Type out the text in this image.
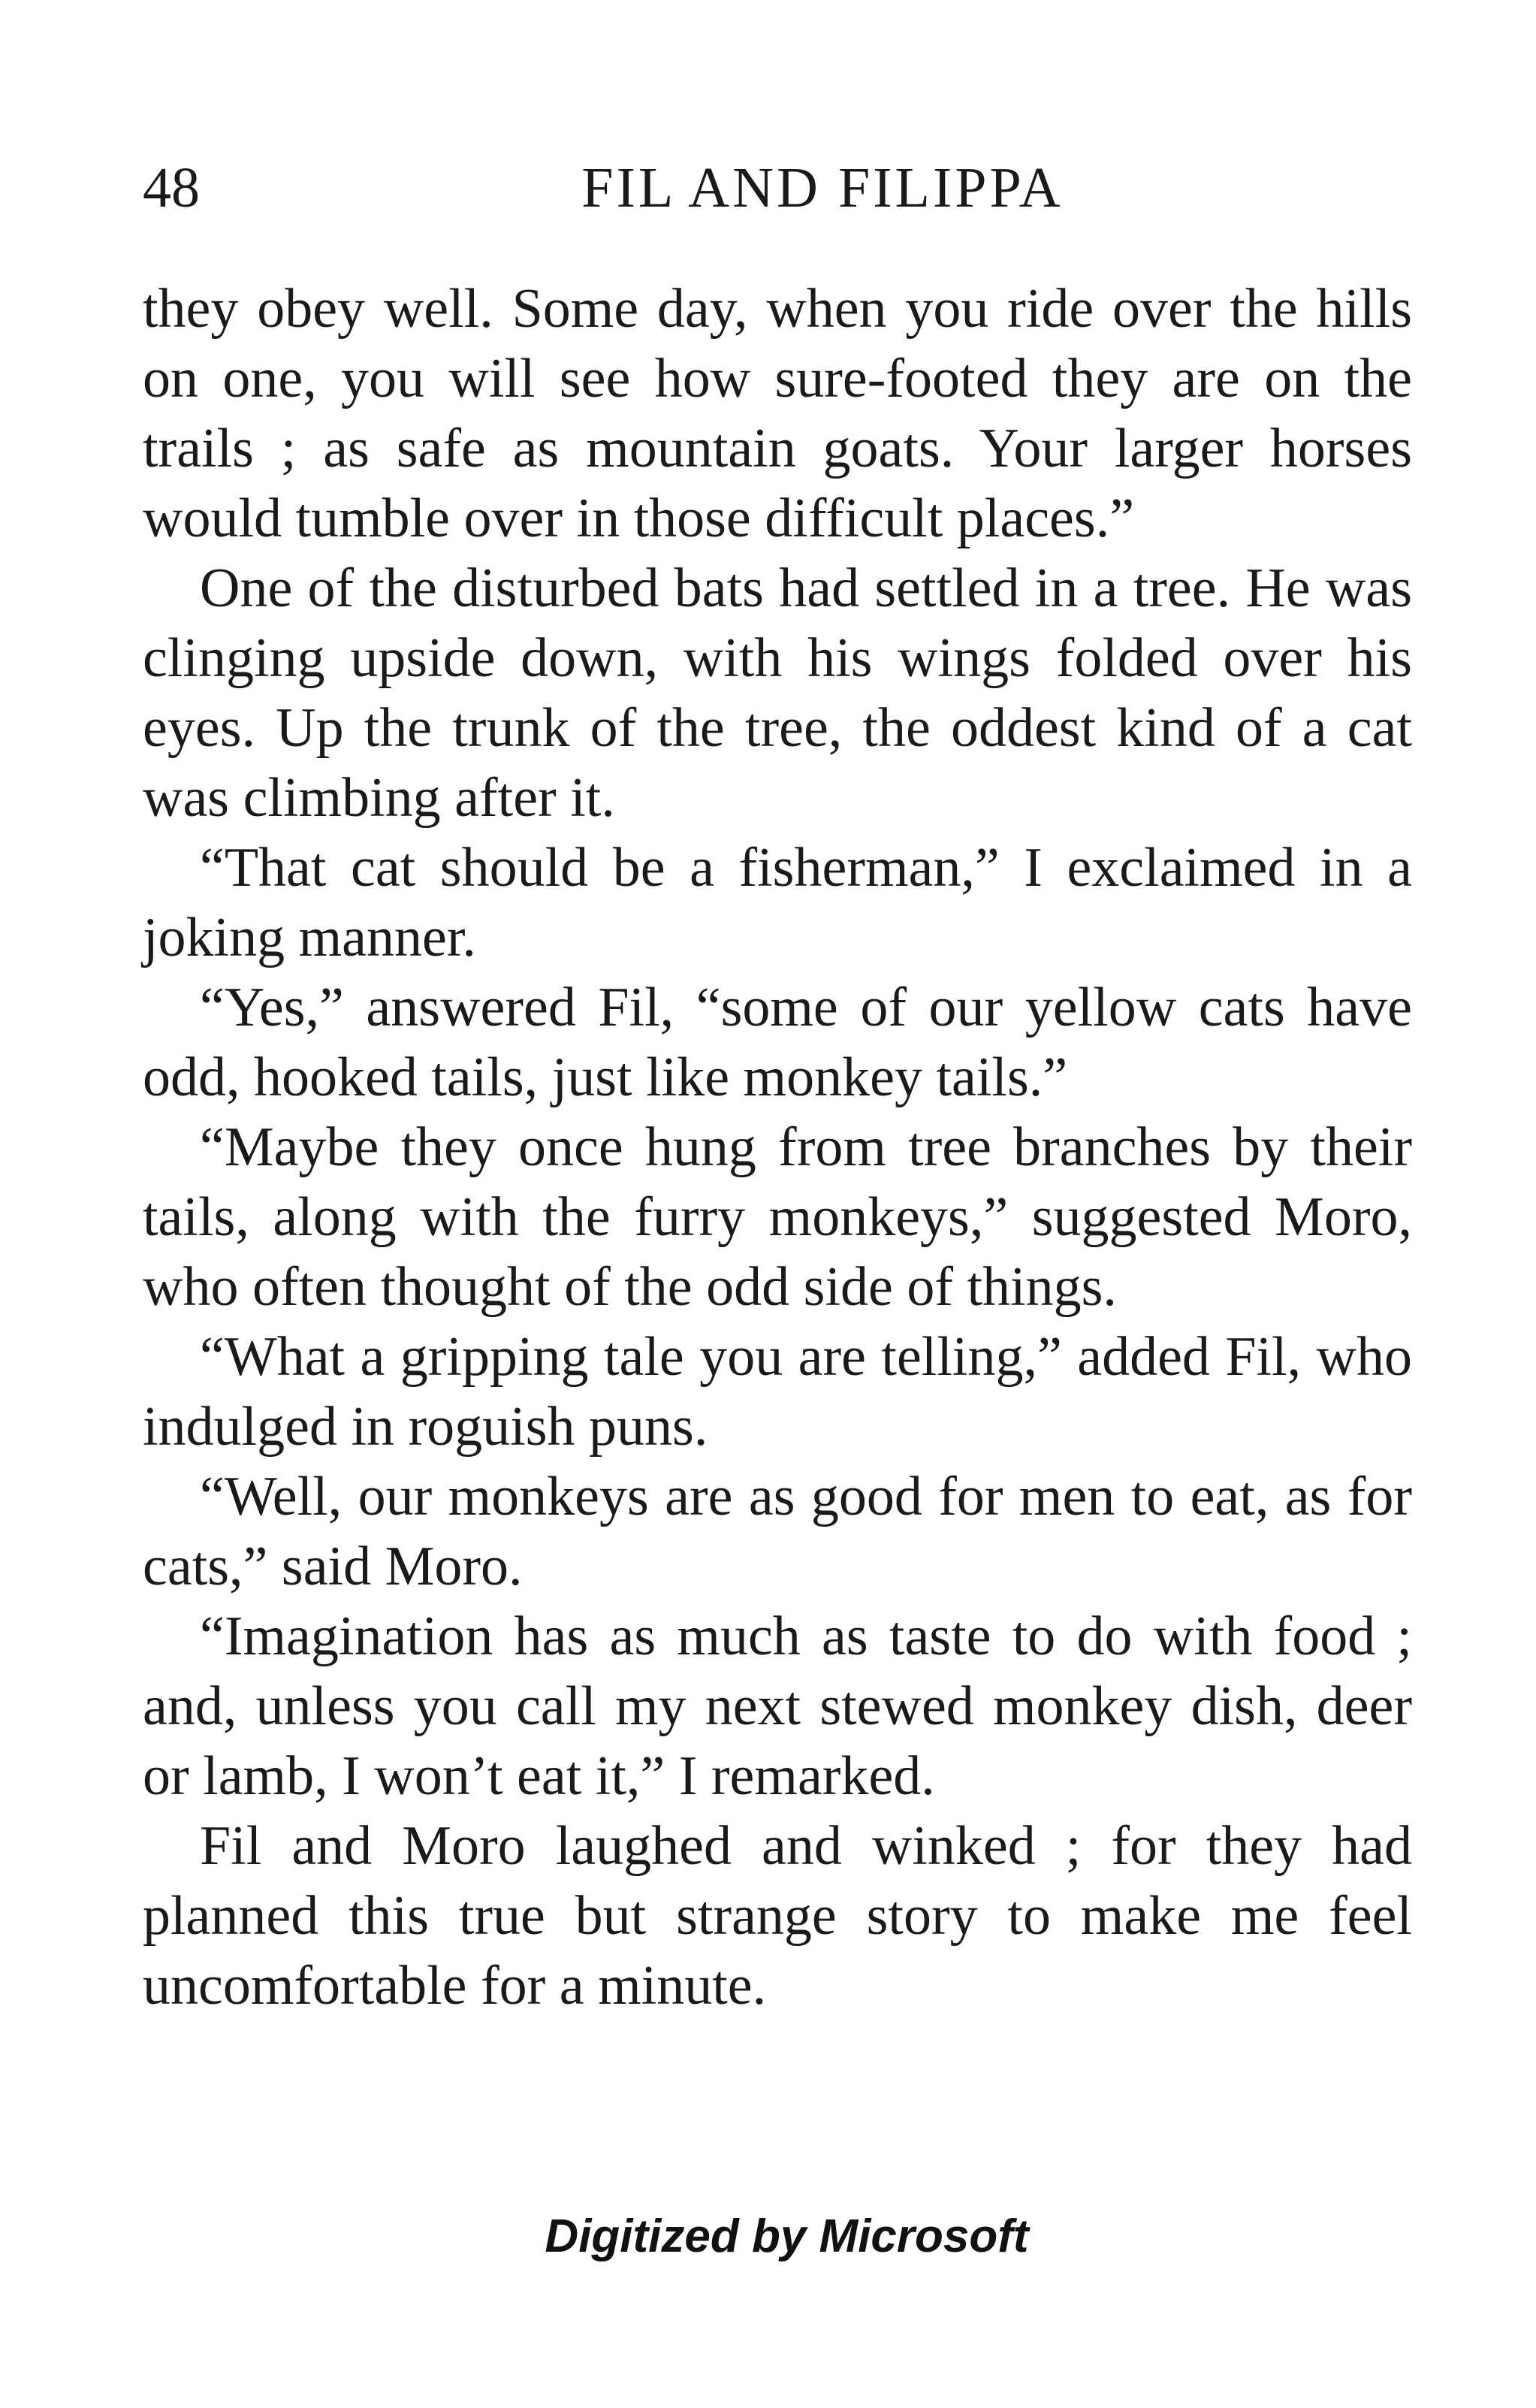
48	FIL AND FILIPPA

they obey well. Some day, when you ride over the hills on one, you will see how sure-footed they are on the trails ; as safe as mountain goats. Your larger horses would tumble over in those difficult places.”

One of the disturbed bats had settled in a tree. He was clinging upside down, with his wings folded over his eyes. Up the trunk of the tree, the oddest kind of a cat was climbing after it.

“That cat should be a fisherman,” I exclaimed in a joking manner.

“Yes,” answered Fil, “some of our yellow cats have odd, hooked tails, just like monkey tails.”

“Maybe they once hung from tree branches by their tails, along with the furry monkeys,” suggested Moro, who often thought of the odd side of things.

“What a gripping tale you are telling,” added Fil, who indulged in roguish puns.

“Well, our monkeys are as good for men to eat, as for cats,” said Moro.

“Imagination has as much as taste to do with food ; and, unless you call my next stewed monkey dish, deer or lamb, I won’t eat it,” I remarked.

Fil and Moro laughed and winked ; for they had planned this true but strange story to make me feel uncomfortable for a minute.

Digitized by Microsoft
